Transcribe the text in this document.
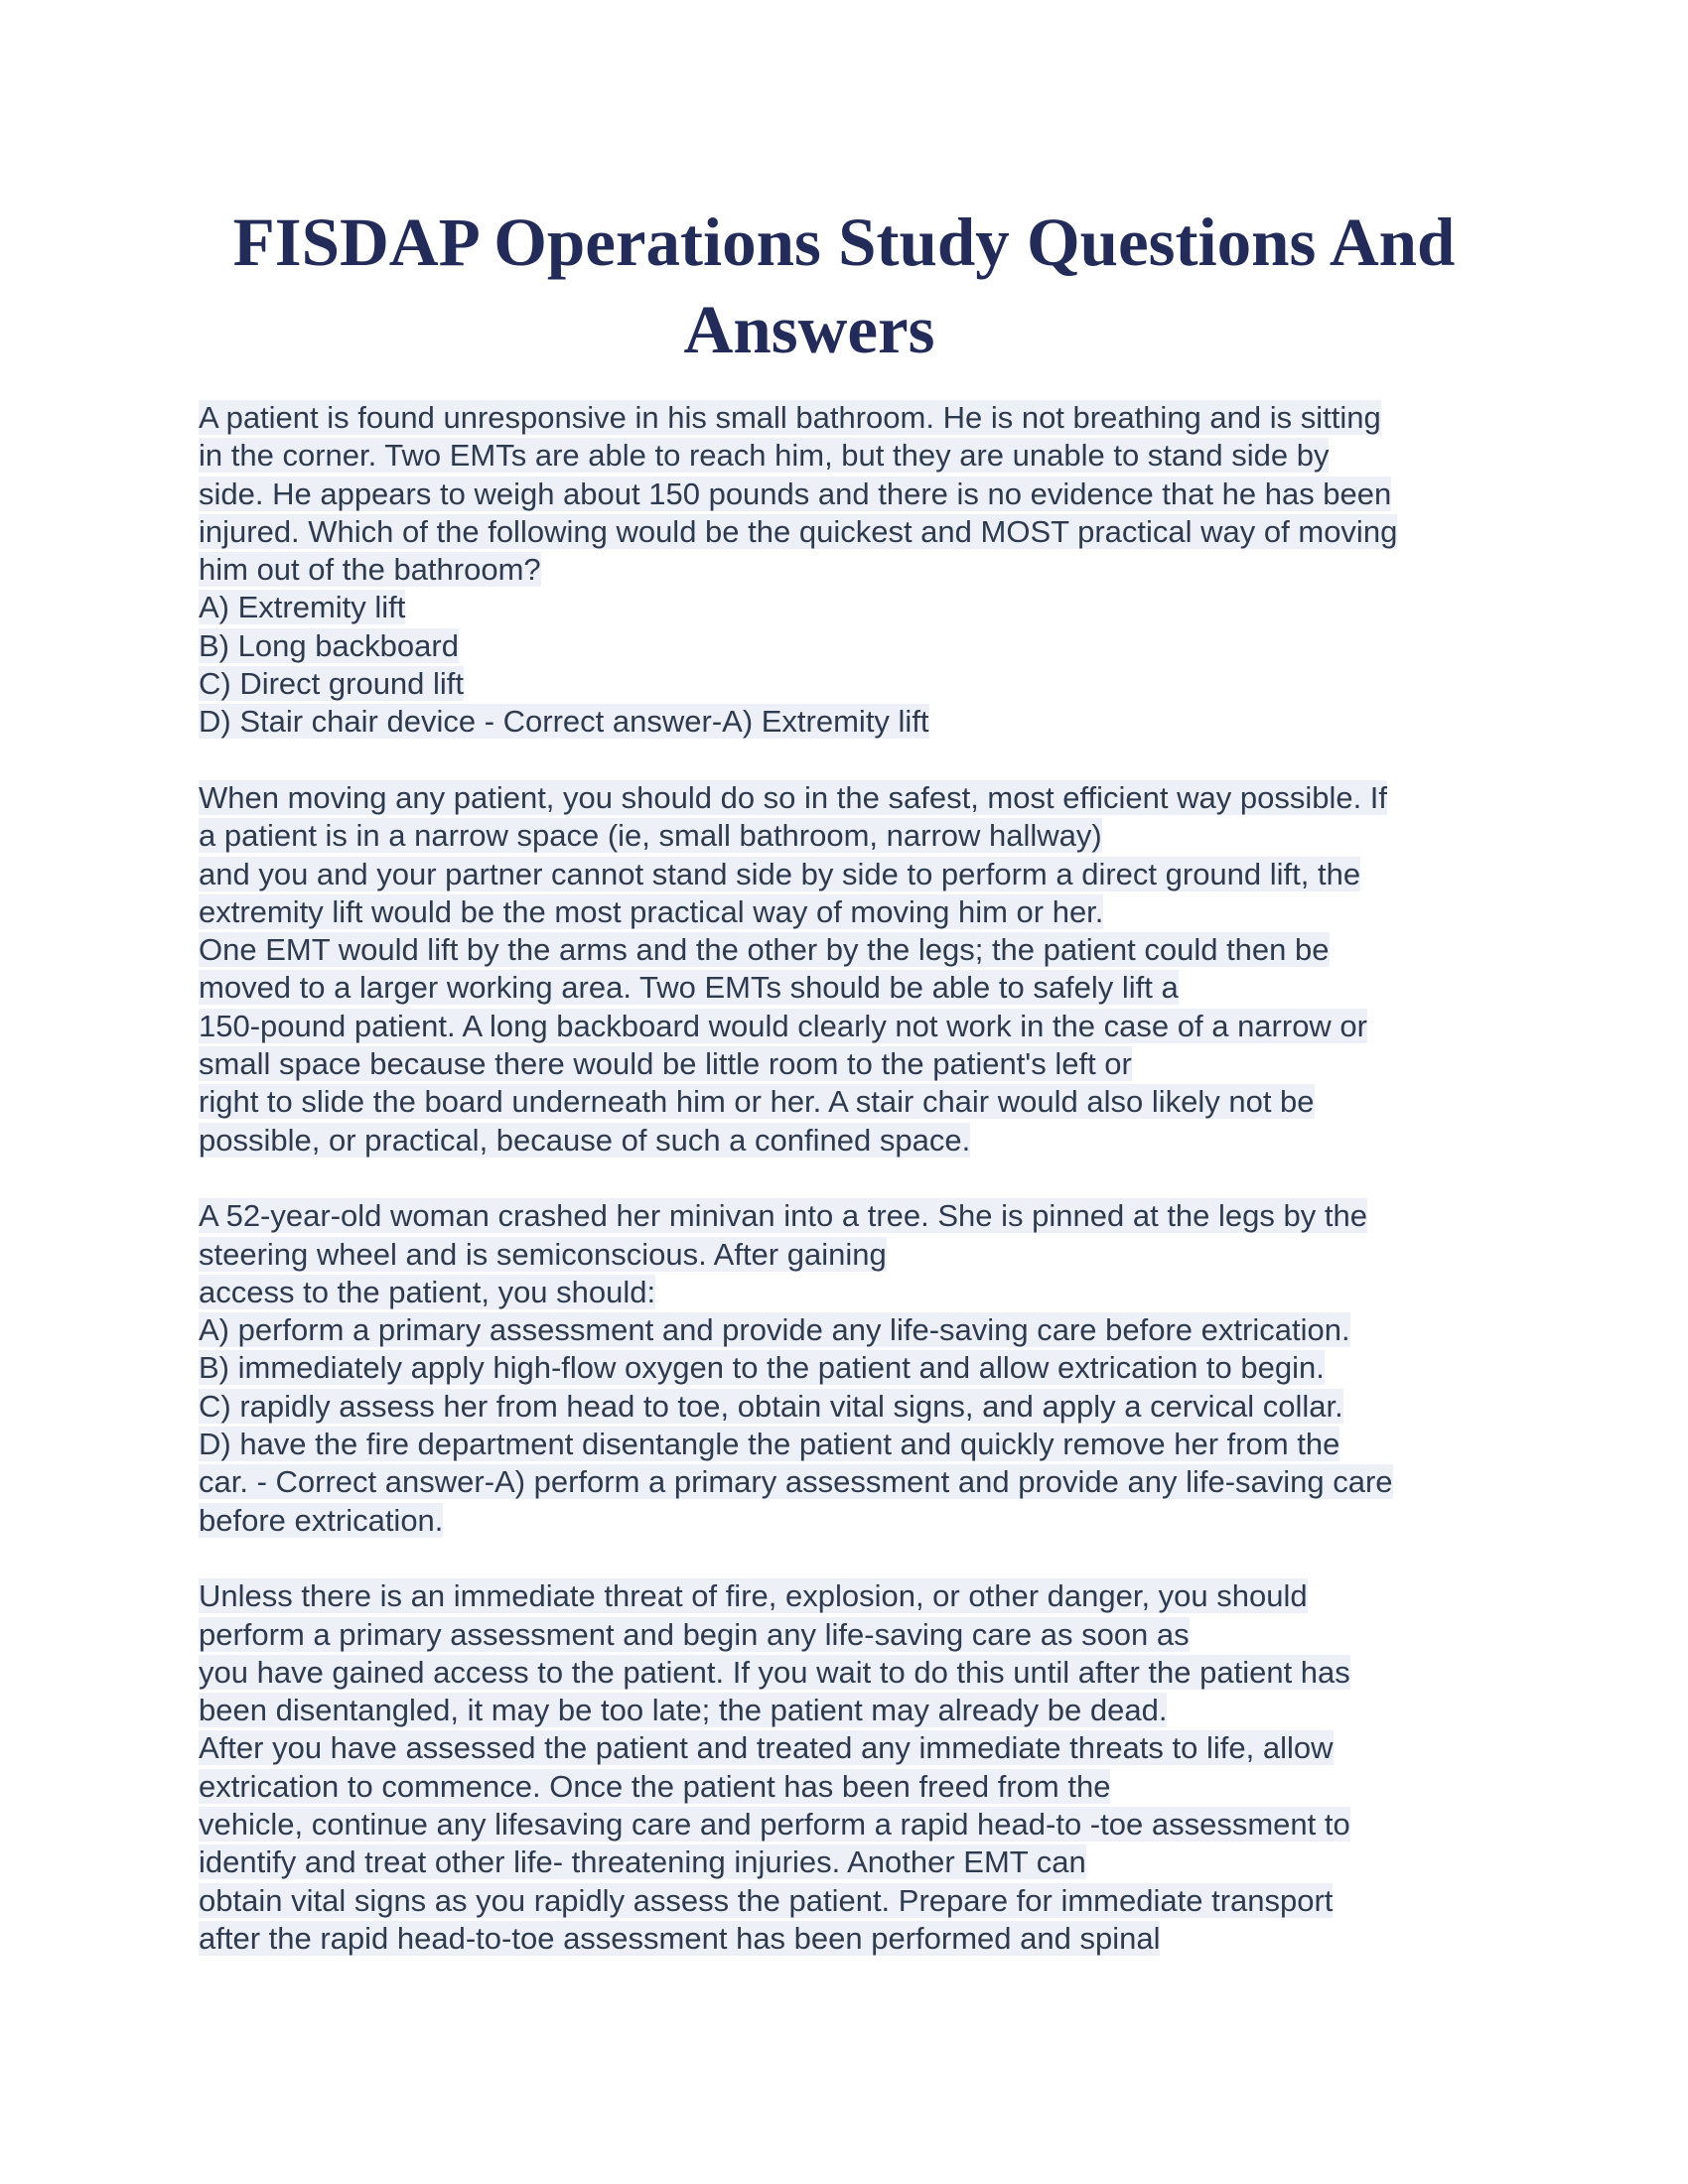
FISDAP Operations Study Questions And
Answers
A patient is found unresponsive in his small bathroom. He is not breathing and is sitting
in the corner. Two EMTs are able to reach him, but they are unable to stand side by
side. He appears to weigh about 150 pounds and there is no evidence that he has been
injured. Which of the following would be the quickest and MOST practical way of moving
him out of the bathroom?
A) Extremity lift
B) Long backboard
C) Direct ground lift
D) Stair chair device - Correct answer-A) Extremity lift
When moving any patient, you should do so in the safest, most efficient way possible. If
a patient is in a narrow space (ie, small bathroom, narrow hallway)
and you and your partner cannot stand side by side to perform a direct ground lift, the
extremity lift would be the most practical way of moving him or her.
One EMT would lift by the arms and the other by the legs; the patient could then be
moved to a larger working area. Two EMTs should be able to safely lift a
150-pound patient. A long backboard would clearly not work in the case of a narrow or
small space because there would be little room to the patient's left or
right to slide the board underneath him or her. A stair chair would also likely not be
possible, or practical, because of such a confined space.
A 52-year-old woman crashed her minivan into a tree. She is pinned at the legs by the
steering wheel and is semiconscious. After gaining
access to the patient, you should:
A) perform a primary assessment and provide any life-saving care before extrication.
B) immediately apply high-flow oxygen to the patient and allow extrication to begin.
C) rapidly assess her from head to toe, obtain vital signs, and apply a cervical collar.
D) have the fire department disentangle the patient and quickly remove her from the
car. - Correct answer-A) perform a primary assessment and provide any life-saving care
before extrication.
Unless there is an immediate threat of fire, explosion, or other danger, you should
perform a primary assessment and begin any life-saving care as soon as
you have gained access to the patient. If you wait to do this until after the patient has
been disentangled, it may be too late; the patient may already be dead.
After you have assessed the patient and treated any immediate threats to life, allow
extrication to commence. Once the patient has been freed from the
vehicle, continue any lifesaving care and perform a rapid head-to -toe assessment to
identify and treat other life- threatening injuries. Another EMT can
obtain vital signs as you rapidly assess the patient. Prepare for immediate transport
after the rapid head-to-toe assessment has been performed and spinal
